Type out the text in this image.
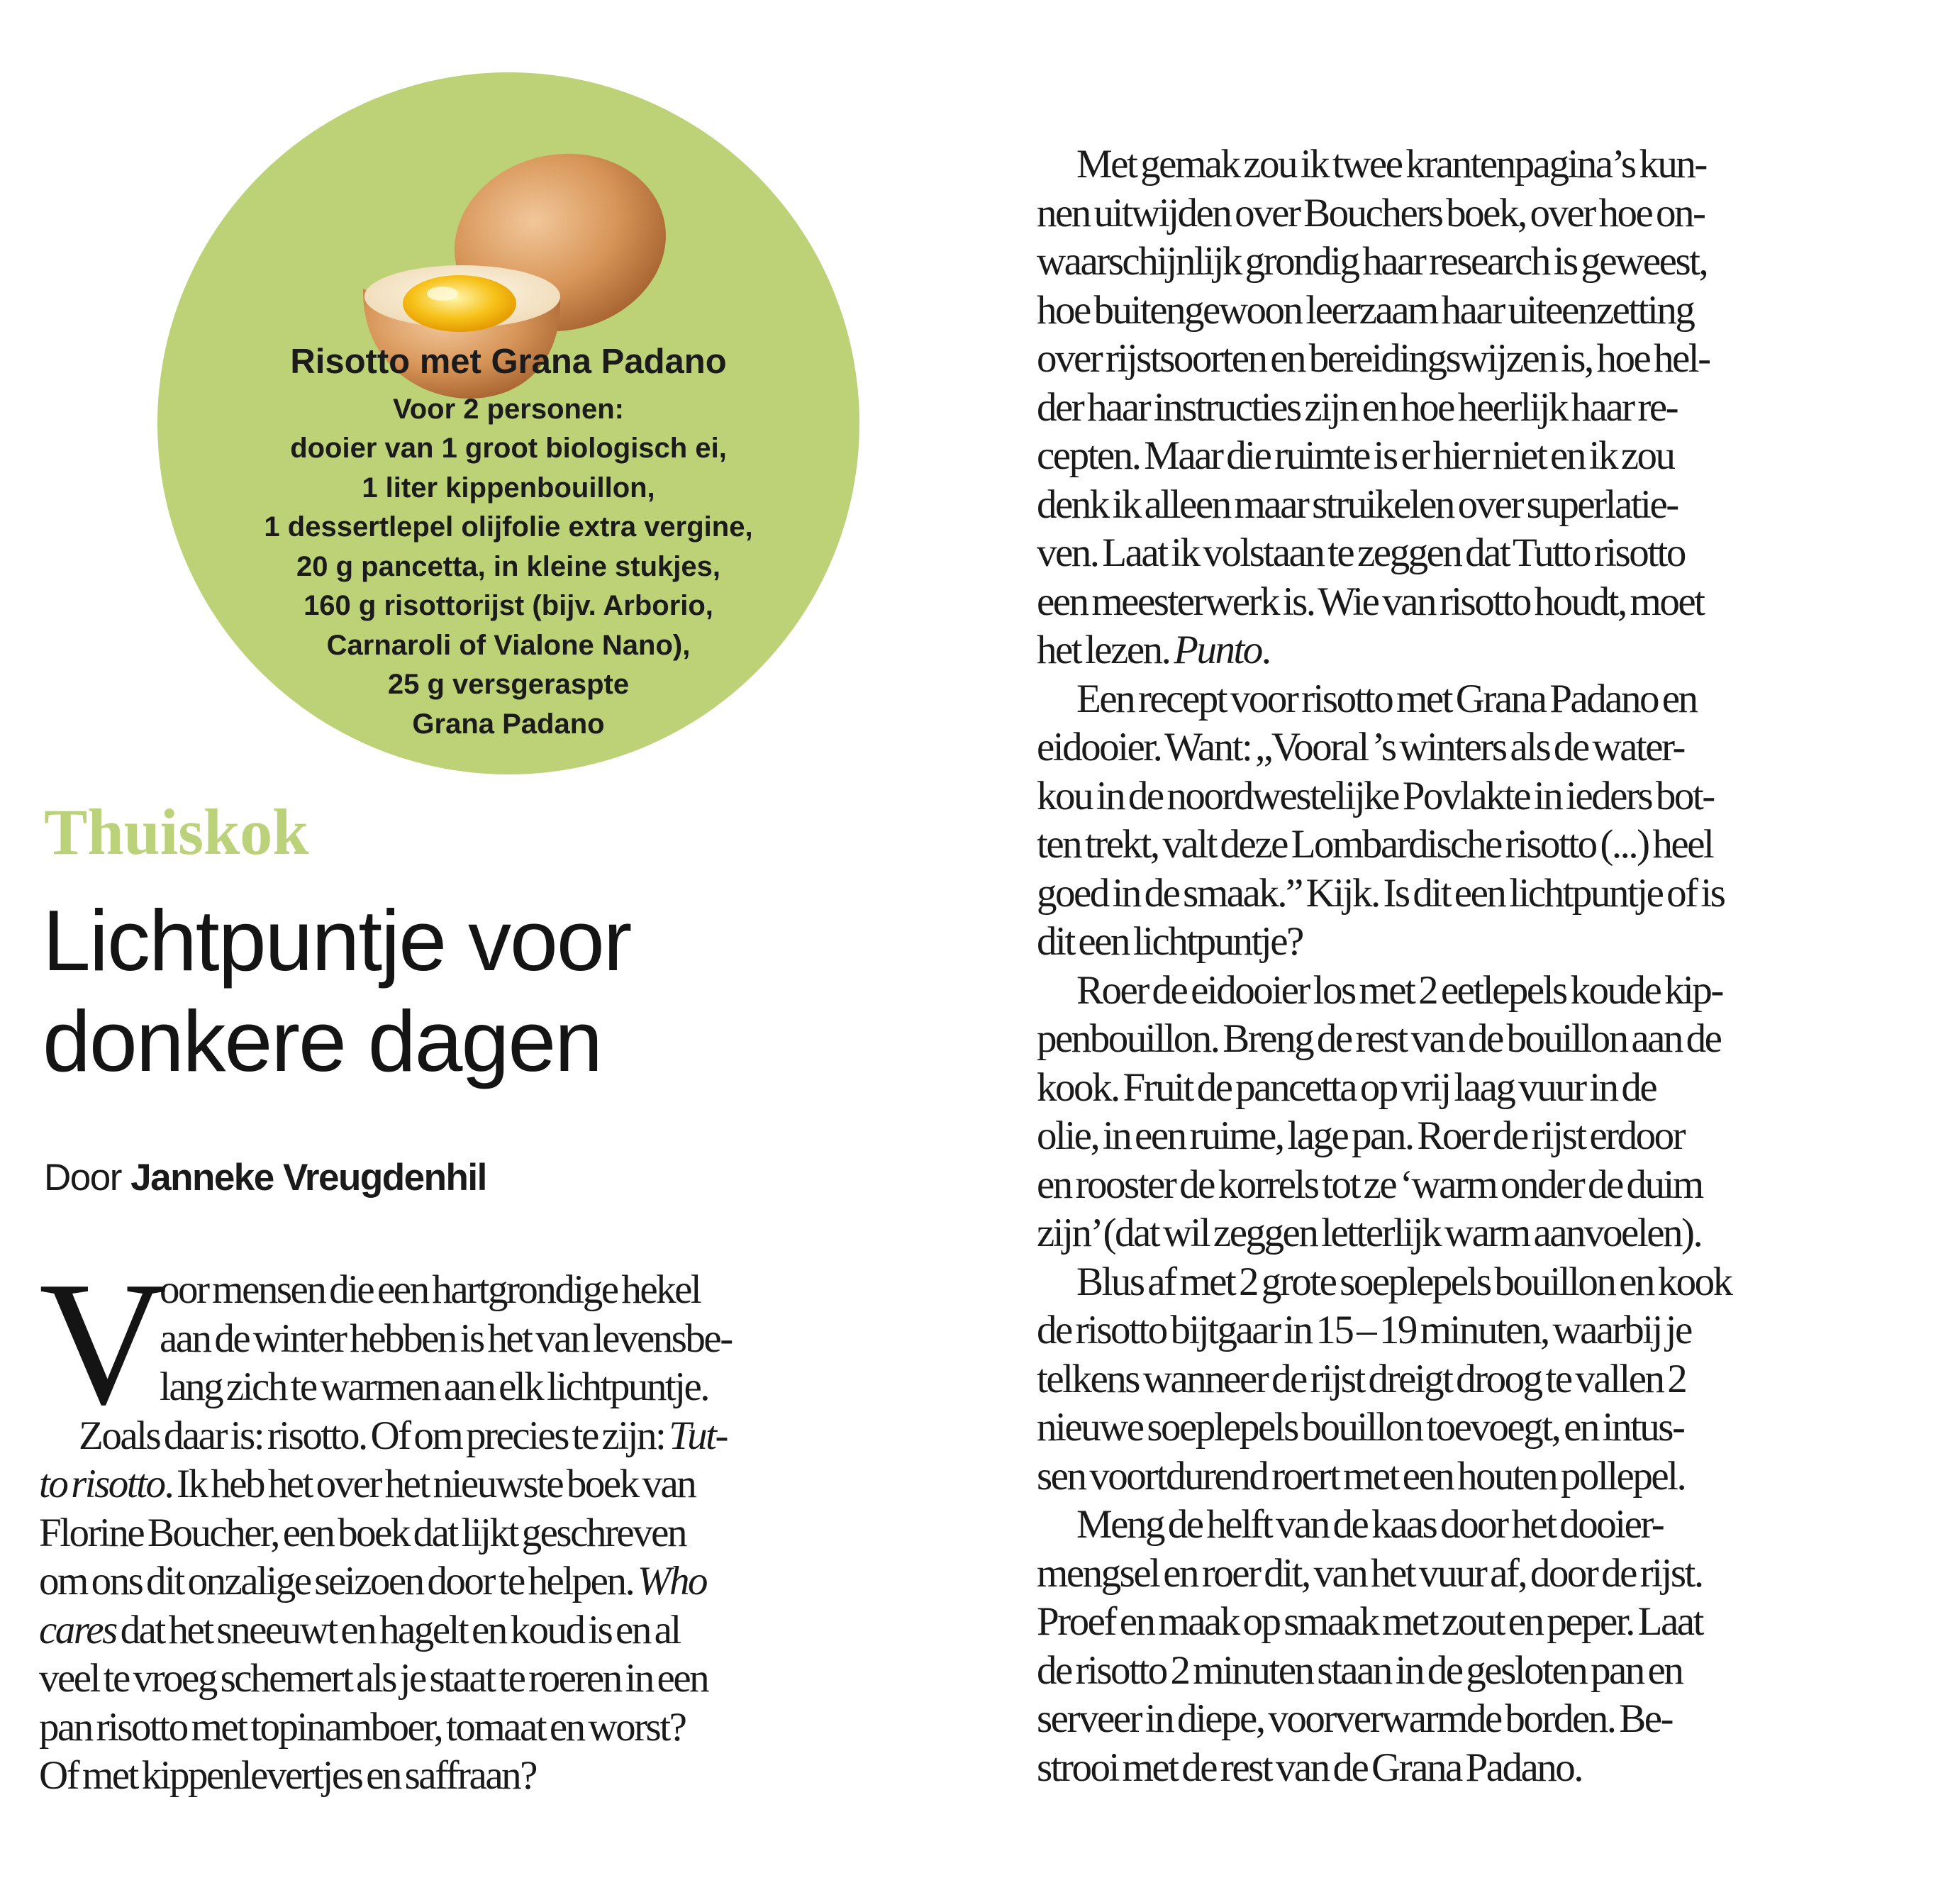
Risotto met Grana Padano
Voor 2 personen:
dooier van 1 groot biologisch ei,
1 liter kippenbouillon,
1 dessertlepel olijfolie extra vergine,
20 g pancetta, in kleine stukjes,
160 g risottorijst (bijv. Arborio,
Carnaroli of Vialone Nano),
25 g versgeraspte
Grana Padano
Thuiskok
Lichtpuntje voor
donkere dagen

Door Janneke Vreugdenhil

V
oor mensen die een hartgrondige hekel
aan de winter hebben is het van levensbe-
lang zich te warmen aan elk lichtpuntje.
Zoals daar is: risotto. Of om precies te zijn: Tut-
to risotto. Ik heb het over het nieuwste boek van
Florine Boucher, een boek dat lijkt geschreven
om ons dit onzalige seizoen door te helpen. Who
cares dat het sneeuwt en hagelt en koud is en al
veel te vroeg schemert als je staat te roeren in een
pan risotto met topinamboer, tomaat en worst?
Of met kippenlevertjes en saffraan?
Met gemak zou ik twee krantenpagina’s kun-
nen uitwijden over Bouchers boek, over hoe on-
waarschijnlijk grondig haar research is geweest,
hoe buitengewoon leerzaam haar uiteenzetting
over rijstsoorten en bereidingswijzen is, hoe hel-
der haar instructies zijn en hoe heerlijk haar re-
cepten. Maar die ruimte is er hier niet en ik zou
denk ik alleen maar struikelen over superlatie-
ven. Laat ik volstaan te zeggen dat Tutto risotto
een meesterwerk is. Wie van risotto houdt, moet
het lezen. Punto.
Een recept voor risotto met Grana Padano en
eidooier. Want: „Vooral ’s winters als de water-
kou in de noordwestelijke Povlakte in ieders bot-
ten trekt, valt deze Lombardische risotto (...) heel
goed in de smaak.” Kijk. Is dit een lichtpuntje of is
dit een lichtpuntje?
Roer de eidooier los met 2 eetlepels koude kip-
penbouillon. Breng de rest van de bouillon aan de
kook. Fruit de pancetta op vrij laag vuur in de
olie, in een ruime, lage pan. Roer de rijst erdoor
en rooster de korrels tot ze ‘warm onder de duim
zijn’ (dat wil zeggen letterlijk warm aanvoelen).
Blus af met 2 grote soeplepels bouillon en kook
de risotto bijtgaar in 15 – 19 minuten, waarbij je
telkens wanneer de rijst dreigt droog te vallen 2
nieuwe soeplepels bouillon toevoegt, en intus-
sen voortdurend roert met een houten pollepel.
Meng de helft van de kaas door het dooier-
mengsel en roer dit, van het vuur af, door de rijst.
Proef en maak op smaak met zout en peper. Laat
de risotto 2 minuten staan in de gesloten pan en
serveer in diepe, voorverwarmde borden. Be-
strooi met de rest van de Grana Padano.
